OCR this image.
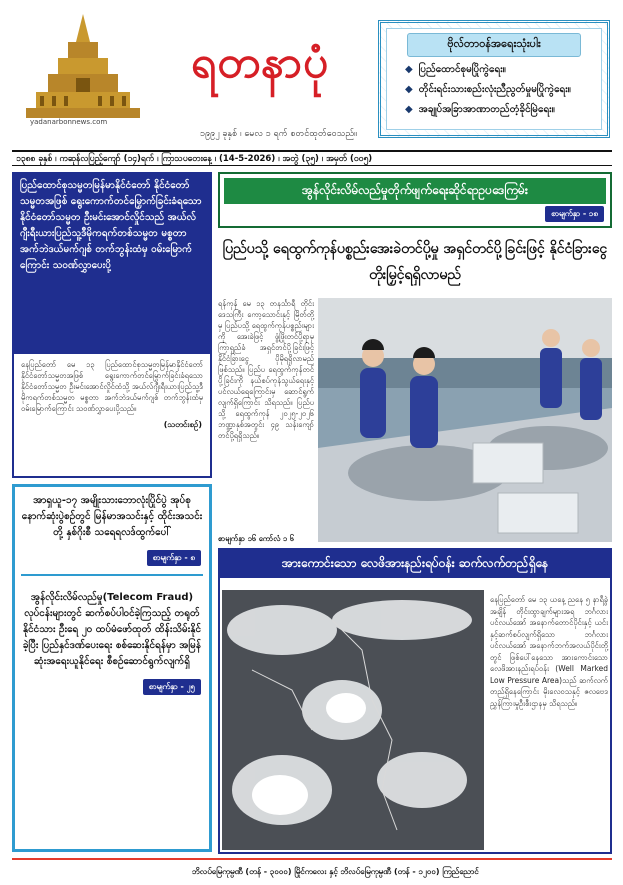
yadanarbonnews.com
ရတနာပုံ
၁၉၉၂ ခုနှစ် ၊ မေလ ၁ ရက် စတင်ထုတ်ဝေသည်။
ဗိုလ်တာဝန်အရေးသုံးပါး
◆ ပြည်ထောင်စုမပြိုကွဲရေး။
◆ တိုင်းရင်းသားစည်းလုံးညီညွတ်မှုမပြိုကွဲရေး။
◆ အချုပ်အခြာအာဏာတည်တံ့ခိုင်မြဲရေး။
၁၃၈၈ ခုနှစ် ၊ ကဆုန်လပြည့်ကျော် (၁၄)ရက် ၊ ကြာသပတေးနေ့ ၊ (14-5-2026) ၊ အတွဲ (၃၅) ၊ အမှတ် (၀၀၅)
ပြည်ထောင်စုသမ္မတမြန်မာနိုင်ငံတော် နိုင်ငံတော်သမ္မတအဖြစ် ရွေးကောက်တင်မြှောက်ခြင်းခံရသော နိုင်ငံတော်သမ္မတ ဦးမင်းအောင်လှိုင်သည် အယ်လ်ဂျီးရီးယားပြည်သူ့ဒီမိုကရက်တစ်သမ္မတ မစ္စတာ အက်ဘဲဒယ်မက်ဂျစ် တက်ဘွန်းထံမှ ဝမ်းမြောက်ကြောင်း သဝဏ်လွှာပေးပို့
နေပြည်တော် မေ ၁၃ ပြည်ထောင်စုသမ္မတမြန်မာနိုင်ငံတော် နိုင်ငံတော်သမ္မတအဖြစ် ရွေးကောက်တင်မြှောက်ခြင်းခံရသော နိုင်ငံတော်သမ္မတ ဦးမင်းအောင်လှိုင်ထံသို့ အယ်လ်ဂျီးရီးယားပြည်သူ့ဒီမိုကရက်တစ်သမ္မတ မစ္စတာ အက်ဘဲဒယ်မက်ဂျစ် တက်ဘွန်းထံမှ ဝမ်းမြောက်ကြောင်း သဝဏ်လွှာပေးပို့သည်။
(သတင်းစဉ်)
အွန်လိုင်းလိမ်လည်မှုတိုက်ဖျက်ရေးဆိုင်ရာဥပဒေကြမ်း
စာမျက်နှာ - ၁၈
ပြည်ပသို့ ရေထွက်ကုန်ပစ္စည်းအေးခဲတင်ပို့မှု အရှင်တင်ပို့ခြင်းဖြင့် နိုင်ငံခြားငွေတိုးမြှင့်ရရှိလာမည်
ရန်ကုန် မေ ၁၃ တနင်္သာရီ တိုင်းဒေသကြီး ကော့သောင်းနှင့် မြိတ်တို့မှ ပြည်ပသို့ ရေထွက်ကုန်ပစ္စည်းများကို အေးခဲဖြင့် ဖွံ့ဖြိုးတင်ပို့ရာမှ ကြာရှည်ခံ အရှင်တင်ပို့ခြင်းဖြင့် နိုင်ငံခြားငွေ ပိုမိုရရှိလာမည် ဖြစ်သည်။ ပြည်ပ ရေထွက်ကုန်တင်ပို့ခြင်းကို နယ်စပ်ကုန်သွယ်ရေးနှင့် ပင်လယ်ရေကြောင်းမှ ဆောင်ရွက်လျက်ရှိကြောင်း သိရသည်။ ပြည်ပသို့ ရေထွက်ကုန် ၂၀၂၅-၂၀၂၆ ဘဏ္ဍာနှစ်အတွင်း ၄၉ သန်းကျော် တင်ပို့ရရှိသည်။
စာမျက်နှာ ၁၆ ကော်လံ ၁ ၆
အားကောင်းသော လေဖိအားနည်းရပ်ဝန်း ဆက်လက်တည်ရှိနေ
နေပြည်တော် မေ ၁၃ ယနေ့ ညနေ ၅ နာရီခွဲအချိန် တိုင်းထွာချက်များအရ ဘင်္ဂလားပင်လယ်အော် အနောက်တောင်ပိုင်းနှင့် ယင်းနှင့်ဆက်စပ်လျက်ရှိသော ဘင်္ဂလားပင်လယ်အော် အနောက်ဘက်အလယ်ပိုင်းတို့တွင် ဖြစ်ပေါ်နေသော အားကောင်းသော လေဖိအားနည်းရပ်ဝန်း (Well Marked Low Pressure Area)သည် ဆက်လက်တည်ရှိနေကြောင်း မိုးလေဝသနှင့် ဇလဗေဒညွှန်ကြားမှုဦးစီးဌာနမှ သိရသည်။
အာရှယူ-၁၇ အမျိုးသားဘောလုံးပြိုင်ပွဲ အုပ်စုနောက်ဆုံးပွဲစဉ်တွင် မြန်မာအသင်းနှင့် ထိုင်းအသင်းတို့ နှစ်ဂိုးစီ သရေရလဒ်ထွက်ပေါ်
စာမျက်နှာ - ၈
အွန်လိုင်းလိမ်လည်မှု(Telecom Fraud) လုပ်ငန်းများတွင် ဆက်စပ်ပါဝင်ခဲ့ကြသည့် တရုတ်နိုင်ငံသား ဦးရေ ၂၀ ထပ်မံဖော်ထုတ် ထိန်းသိမ်းနိုင်ခဲ့ပြီး ပြည်နှင်ဒဏ်ပေးရေး စစ်ဆေးနိုင်ရန်မှာ အမြန်ဆုံးအရေးယူနိုင်ရေး စီစဉ်ဆောင်ရွက်လျက်ရှိ
စာမျက်နှာ - ၂၅
ဘိလပ်မြေကုမ္ပဏီ (တန် - ၃၀၀၀) မြိုင်ကလေး နှင့် ဘိလပ်မြေကုမ္ပဏီ (တန် - ၁၂၀၀) ကြည်ညောင်
